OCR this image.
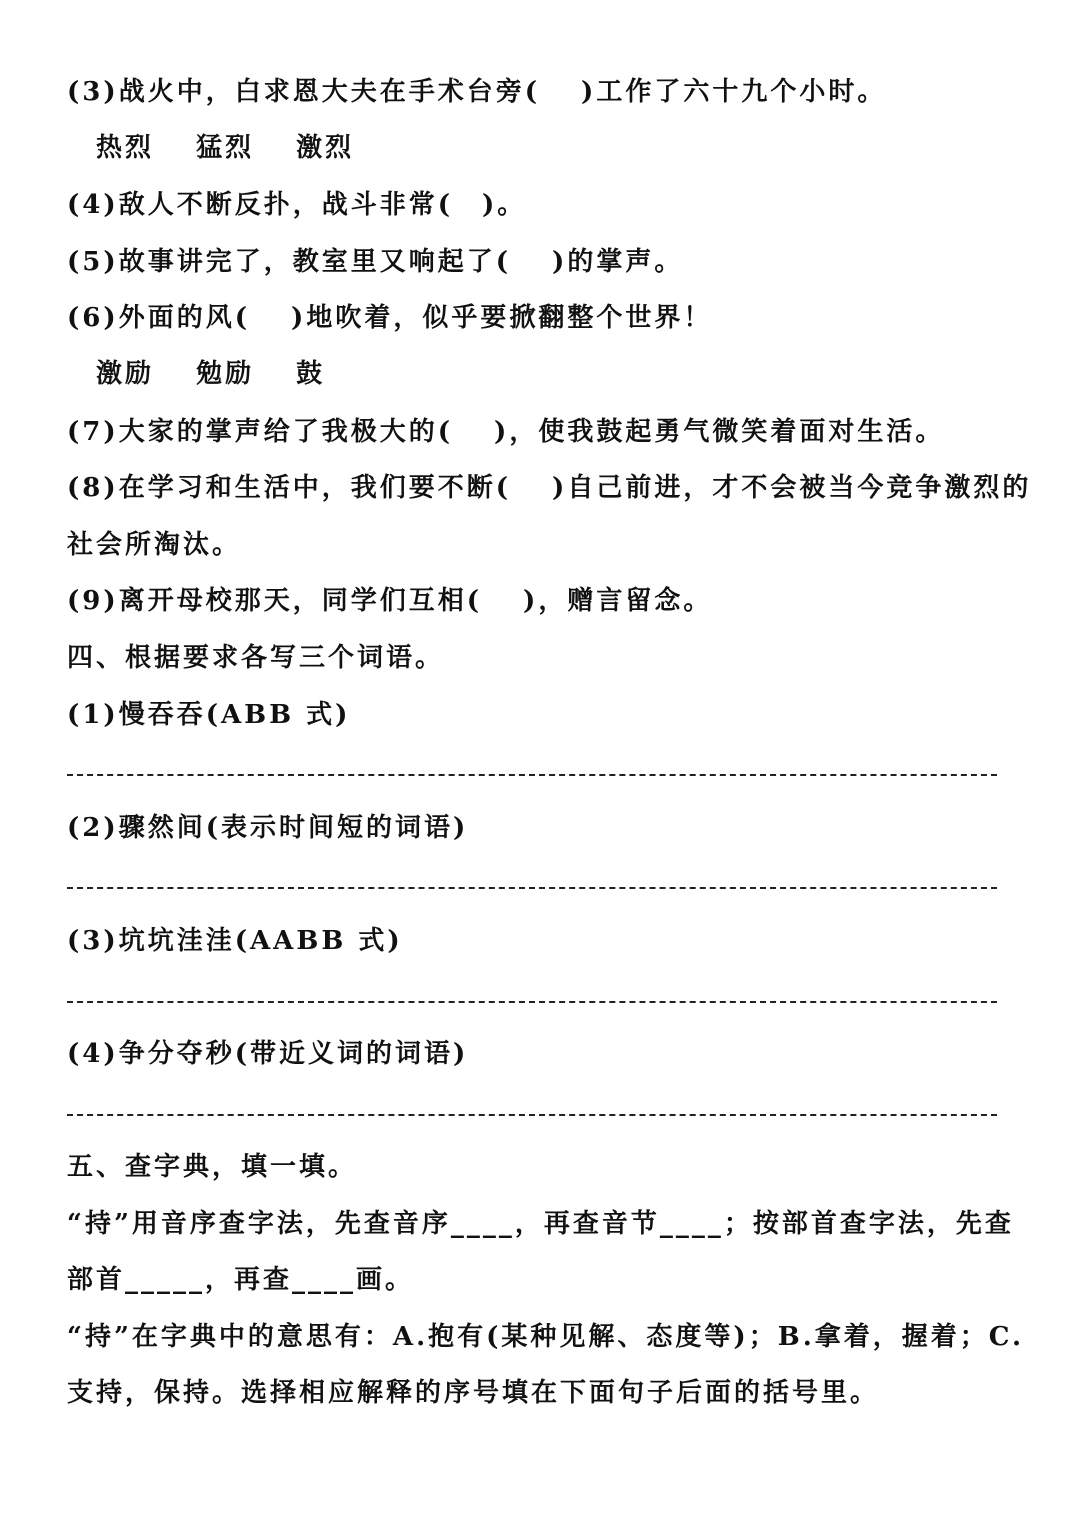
(3)战火中，白求恩大夫在手术台旁(　 )工作了六十九个小时。
热烈 猛烈 激烈
(4)敌人不断反扑，战斗非常(　)。
(5)故事讲完了，教室里又响起了(　 )的掌声。
(6)外面的风(　 )地吹着，似乎要掀翻整个世界！
激励 勉励 鼓
(7)大家的掌声给了我极大的(　 )，使我鼓起勇气微笑着面对生活。
(8)在学习和生活中，我们要不断(　 )自己前进，才不会被当今竞争激烈的
社会所淘汰。
(9)离开母校那天，同学们互相(　 )，赠言留念。
四、根据要求各写三个词语。
(1)慢吞吞(ABB 式)
(2)骤然间(表示时间短的词语)
(3)坑坑洼洼(AABB 式)
(4)争分夺秒(带近义词的词语)
五、查字典，填一填。
“持”用音序查字法，先查音序____，再查音节____；按部首查字法，先查
部首_____，再查____画。
“持”在字典中的意思有：A.抱有(某种见解、态度等)；B.拿着，握着；C.
支持，保持。选择相应解释的序号填在下面句子后面的括号里。
